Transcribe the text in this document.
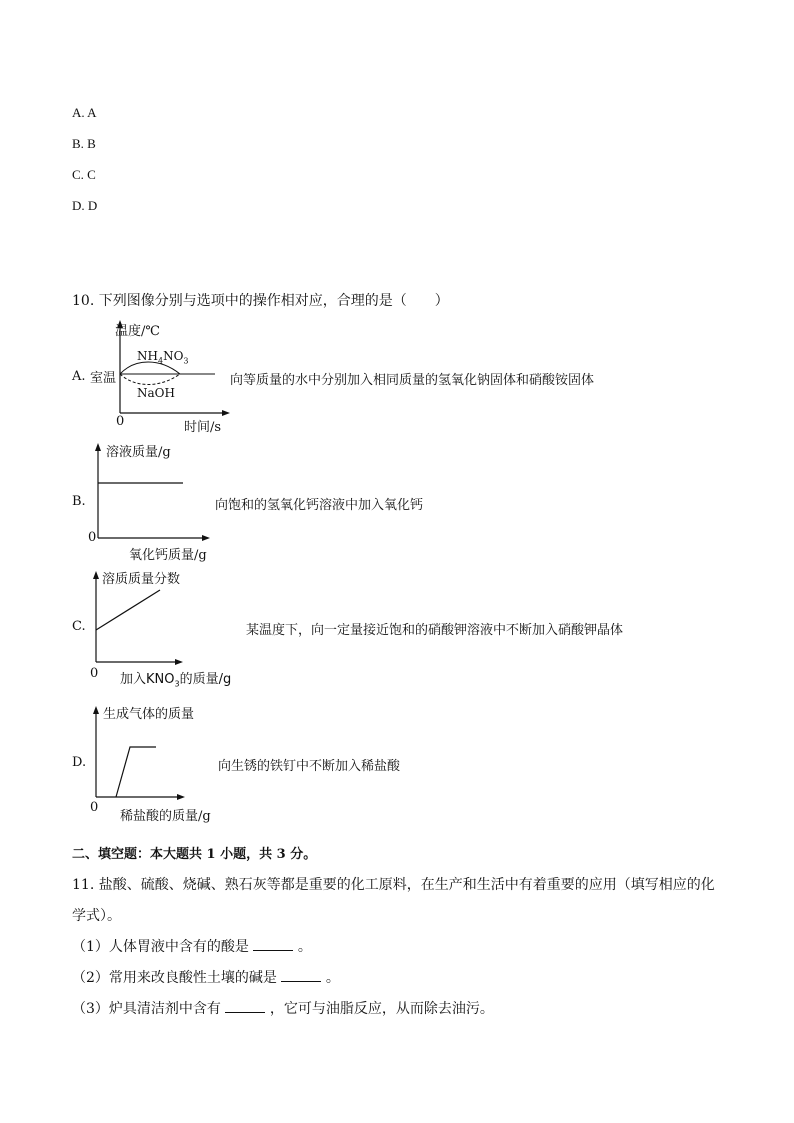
A. A
B. B
C. C
D. D
10. 下列图像分别与选项中的操作相对应，合理的是（　　）
A.
温度/℃
室温
$NH_4NO_3$
NaOH
0	时间/s
向等质量的水中分别加入相同质量的氢氧化钠固体和硝酸铵固体
B.
溶液质量/g
0
氧化钙质量/g
向饱和的氢氧化钙溶液中加入氧化钙
C.
溶质质量分数
0 加入$KNO_3$的质量/g
某温度下，向一定量接近饱和的硝酸钾溶液中不断加入硝酸钾晶体
D.
生成气体的质量
0
稀盐酸的质量/g
向生锈的铁钉中不断加入稀盐酸
二、填空题：本大题共 1 小题，共 3 分。
11. 盐酸、硫酸、烧碱、熟石灰等都是重要的化工原料，在生产和生活中有着重要的应用（填写相应的化
学式）。
（1）人体胃液中含有的酸是	。
（2）常用来改良酸性土壤的碱是	。
（3）炉具清洁剂中含有	，它可与油脂反应，从而除去油污。
